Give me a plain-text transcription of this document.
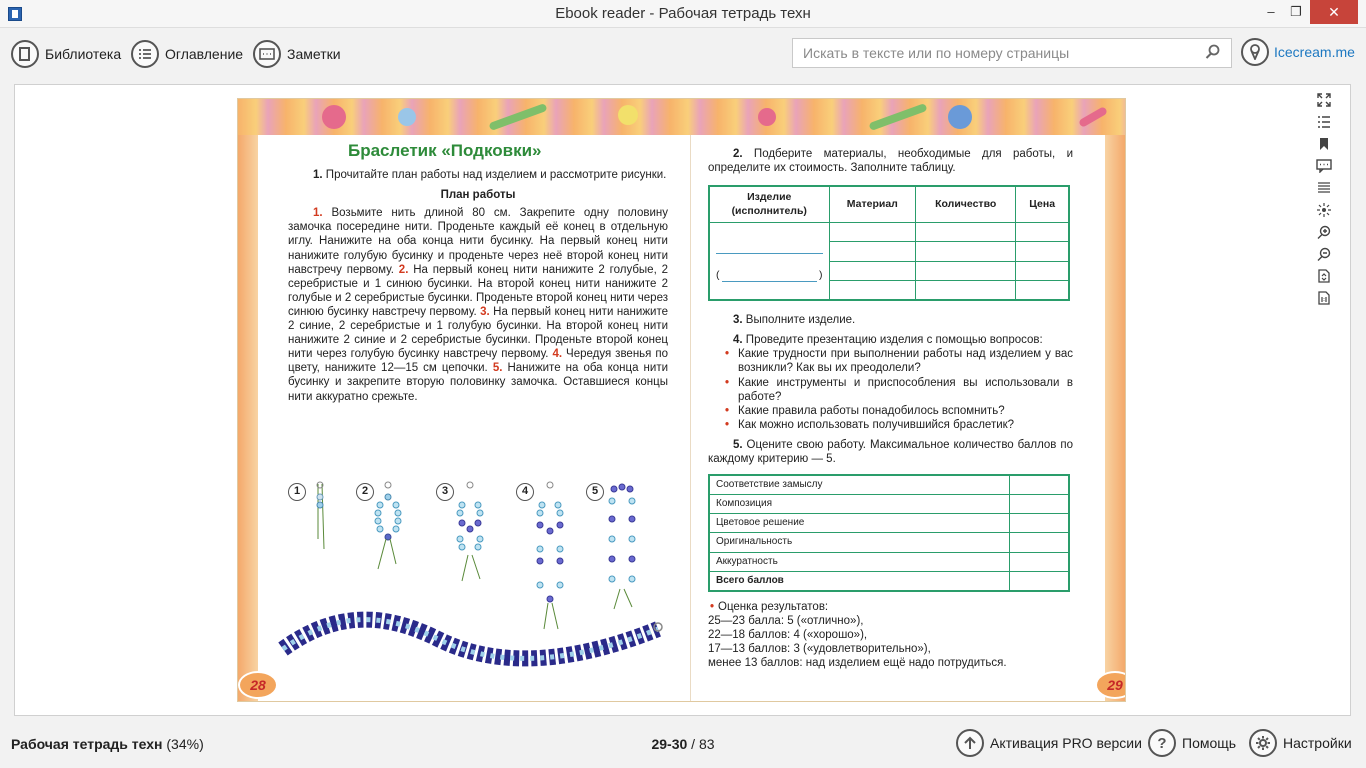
Ebook reader - Рабочая тетрадь техн	‒	❐	✕
Библиотека	Оглавление	Заметки
Искать в тексте или по номеру страницы	Icecream.me
Браслетик «Подковки»
1. Прочитайте план работы над изделием и рассмотрите рисунки.
План работы
1. Возьмите нить длиной 80 см. Закрепите одну половину замочка посередине нити. Проденьте каждый её конец в отдельную иглу. Нанижите на оба конца нити бусинку. На первый конец нити нанижите голубую бусинку и проденьте через неё второй конец нити навстречу первому. 2. На первый конец нити нанижите 2 голубые, 2 серебристые и 1 синюю бусинки. На второй конец нити нанижите 2 голубые и 2 серебристые бусинки. Проденьте второй конец нити через синюю бусинку навстречу первому. 3. На первый конец нити нанижите 2 синие, 2 серебристые и 1 голубую бусинки. На второй конец нити нанижите 2 синие и 2 серебристые бусинки. Проденьте второй конец нити через голубую бусинку навстречу первому. 4. Чередуя звенья по цвету, нанижите 12—15 см цепочки. 5. Нанижите на оба конца нити бусинку и закрепите вторую половинку замочка. Оставшиеся концы нити аккуратно срежьте.
1	2	3	4	5
2. Подберите материалы, необходимые для работы, и определите их стоимость. Заполните таблицу.
Изделие (исполнитель)	Материал	Количество	Цена

( )			

3. Выполните изделие.
4. Проведите презентацию изделия с помощью вопросов:
• Какие трудности при выполнении работы над изделием у вас возникли? Как вы их преодолели?
• Какие инструменты и приспособления вы использовали в работе?
• Какие правила работы понадобилось вспомнить?
• Как можно использовать получившийся браслетик?
5. Оцените свою работу. Максимальное количество баллов по каждому критерию — 5.
Соответствие замыслу	
Композиция	
Цветовое решение	
Оригинальность	
Аккуратность	
Всего баллов	
• Оценка результатов:
25—23 балла: 5 («отлично»),
22—18 баллов: 4 («хорошо»),
17—13 баллов: 3 («удовлетворительно»),
менее 13 баллов: над изделием ещё надо потрудиться.
28	29
Рабочая тетрадь техн (34%)	29-30 / 83	Активация PRO версии	?	Помощь	Настройки
